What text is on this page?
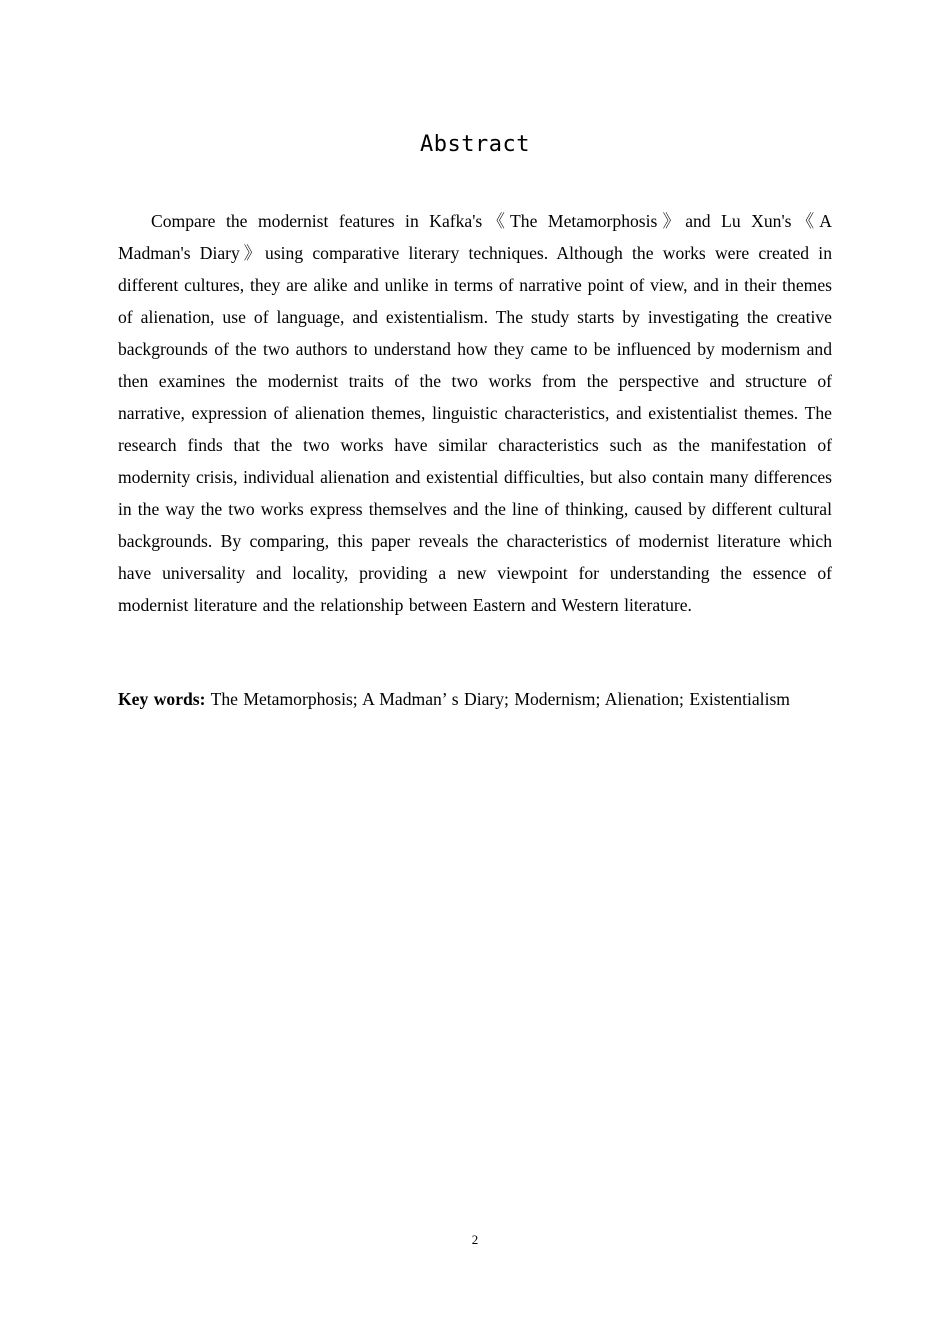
Abstract

Compare the modernist features in Kafka's《The Metamorphosis》and Lu Xun's《A Madman's Diary》using comparative literary techniques. Although the works were created in different cultures, they are alike and unlike in terms of narrative point of view, and in their themes of alienation, use of language, and existentialism. The study starts by investigating the creative backgrounds of the two authors to understand how they came to be influenced by modernism and then examines the modernist traits of the two works from the perspective and structure of narrative, expression of alienation themes, linguistic characteristics, and existentialist themes. The research finds that the two works have similar characteristics such as the manifestation of modernity crisis, individual alienation and existential difficulties, but also contain many differences in the way the two works express themselves and the line of thinking, caused by different cultural backgrounds. By comparing, this paper reveals the characteristics of modernist literature which have universality and locality, providing a new viewpoint for understanding the essence of modernist literature and the relationship between Eastern and Western literature.

Key words: The Metamorphosis; A Madman’ s Diary; Modernism; Alienation; Existentialism

2
